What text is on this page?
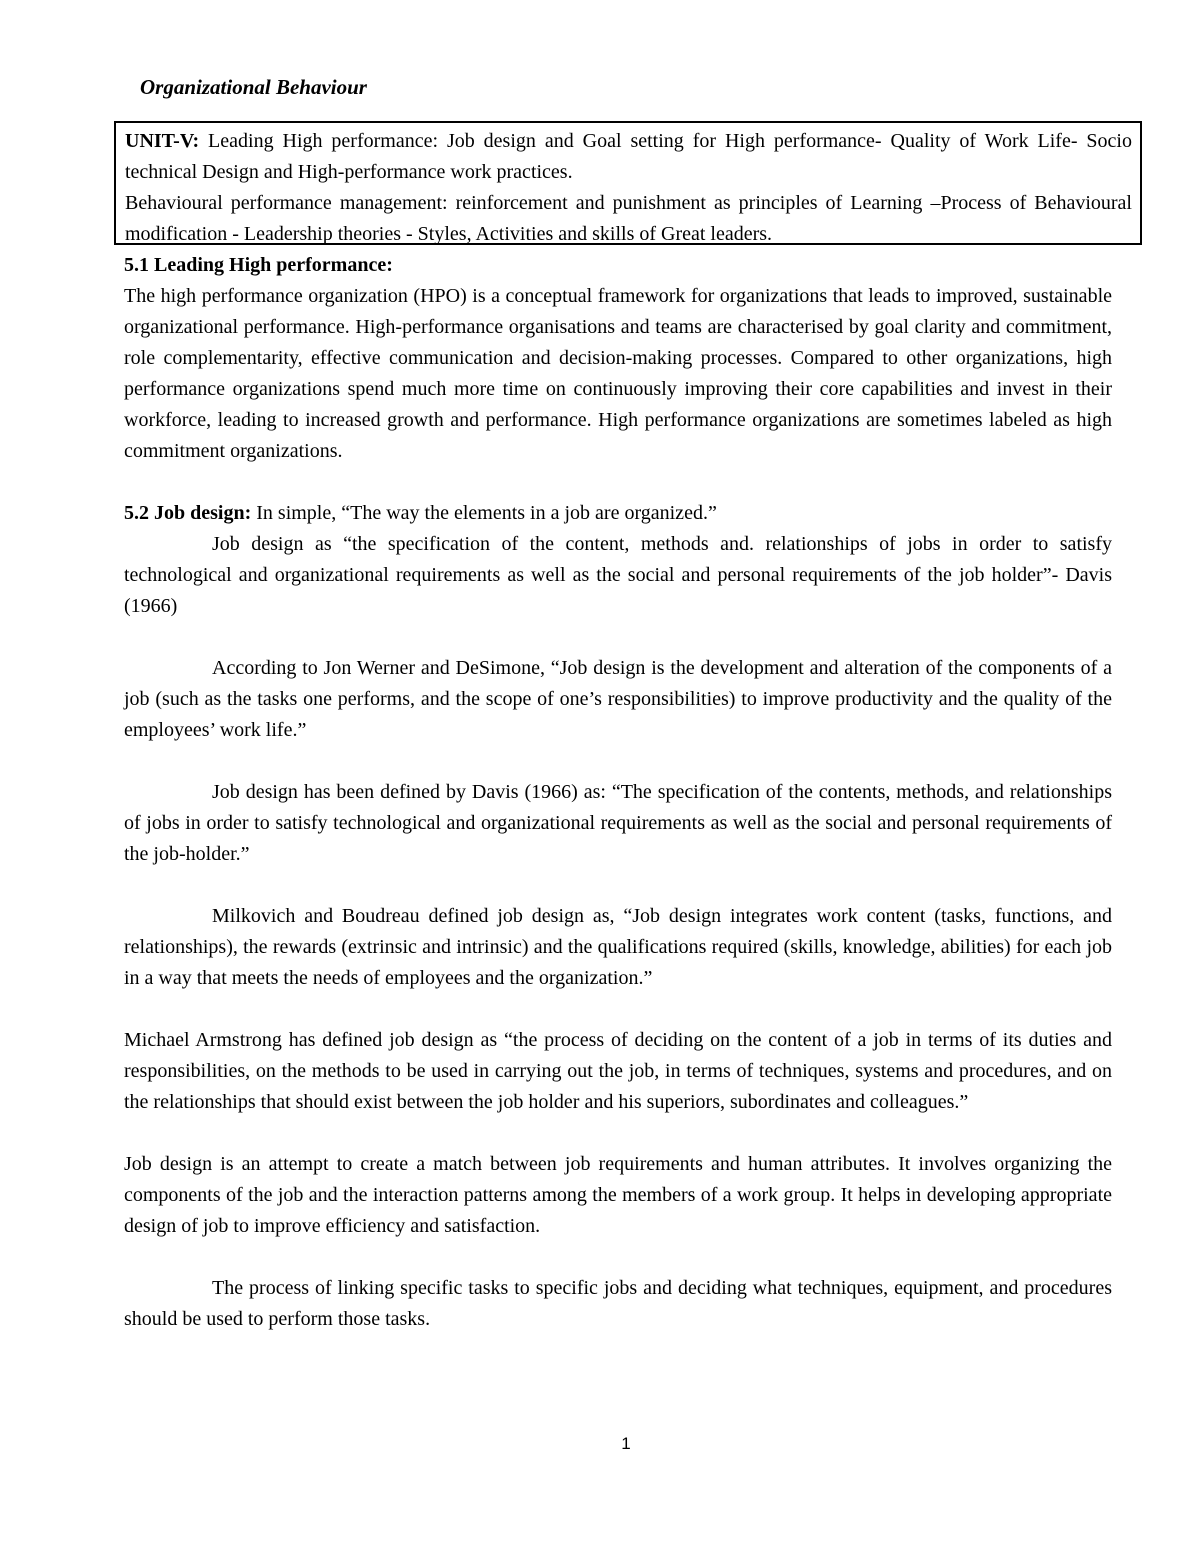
Organizational Behaviour

UNIT-V: Leading High performance: Job design and Goal setting for High performance- Quality of Work Life- Socio technical Design and High-performance work practices.

Behavioural performance management: reinforcement and punishment as principles of Learning –Process of Behavioural modification - Leadership theories - Styles, Activities and skills of Great leaders.

5.1 Leading High performance:

The high performance organization (HPO) is a conceptual framework for organizations that leads to improved, sustainable organizational performance. High-performance organisations and teams are characterised by goal clarity and commitment, role complementarity, effective communication and decision-making processes. Compared to other organizations, high performance organizations spend much more time on continuously improving their core capabilities and invest in their workforce, leading to increased growth and performance. High performance organizations are sometimes labeled as high commitment organizations.

5.2 Job design: In simple, “The way the elements in a job are organized.”

Job design as “the specification of the content, methods and. relationships of jobs in order to satisfy technological and organizational requirements as well as the social and personal requirements of the job holder”- Davis (1966)

According to Jon Werner and DeSimone, “Job design is the development and alteration of the components of a job (such as the tasks one performs, and the scope of one’s responsibilities) to improve productivity and the quality of the employees’ work life.”

Job design has been defined by Davis (1966) as: “The specification of the contents, methods, and relationships of jobs in order to satisfy technological and organizational requirements as well as the social and personal requirements of the job-holder.”

Milkovich and Boudreau defined job design as, “Job design integrates work content (tasks, functions, and relationships), the rewards (extrinsic and intrinsic) and the qualifications required (skills, knowledge, abilities) for each job in a way that meets the needs of employees and the organization.”

Michael Armstrong has defined job design as “the process of deciding on the content of a job in terms of its duties and responsibilities, on the methods to be used in carrying out the job, in terms of techniques, systems and procedures, and on the relationships that should exist between the job holder and his superiors, subordinates and colleagues.”

Job design is an attempt to create a match between job requirements and human attributes. It involves organizing the components of the job and the interaction patterns among the members of a work group. It helps in developing appropriate design of job to improve efficiency and satisfaction.

The process of linking specific tasks to specific jobs and deciding what techniques, equipment, and procedures should be used to perform those tasks.

1
